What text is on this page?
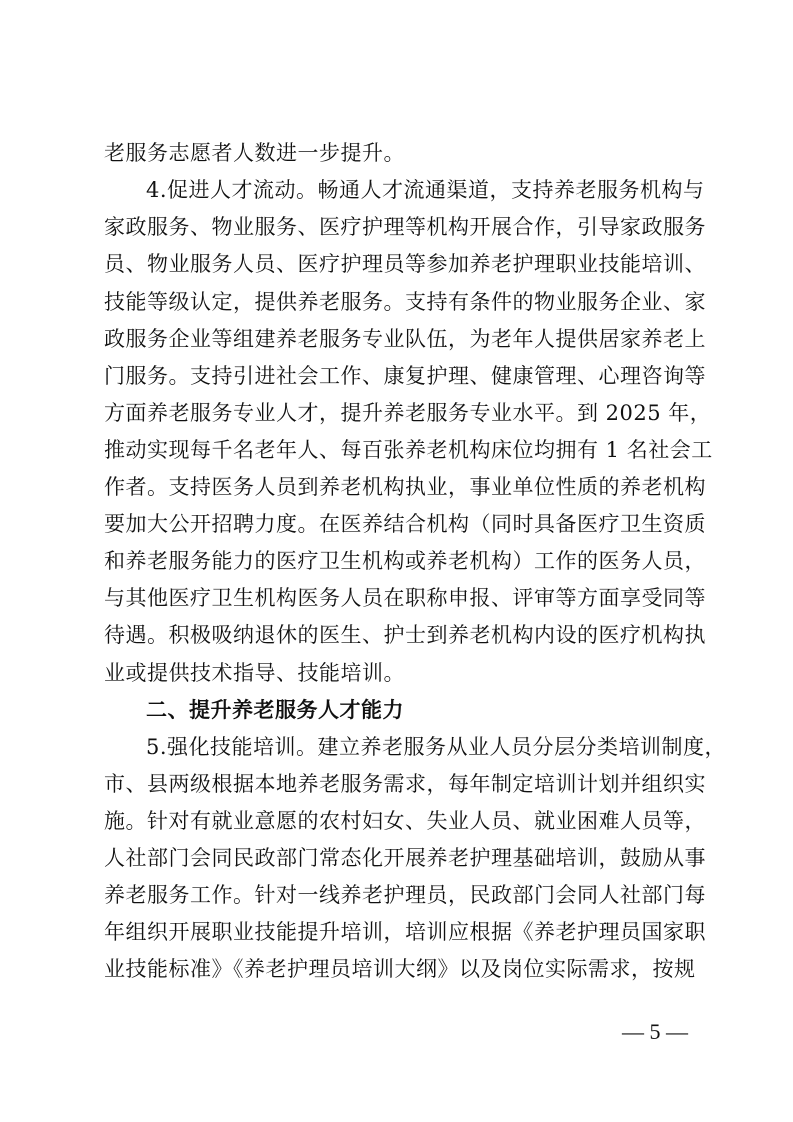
老服务志愿者人数进一步提升。
4.促进人才流动。畅通人才流通渠道，支持养老服务机构与
家政服务、物业服务、医疗护理等机构开展合作，引导家政服务
员、物业服务人员、医疗护理员等参加养老护理职业技能培训、
技能等级认定，提供养老服务。支持有条件的物业服务企业、家
政服务企业等组建养老服务专业队伍，为老年人提供居家养老上
门服务。支持引进社会工作、康复护理、健康管理、心理咨询等
方面养老服务专业人才，提升养老服务专业水平。到 2025 年，
推动实现每千名老年人、每百张养老机构床位均拥有 1 名社会工
作者。支持医务人员到养老机构执业，事业单位性质的养老机构
要加大公开招聘力度。在医养结合机构（同时具备医疗卫生资质
和养老服务能力的医疗卫生机构或养老机构）工作的医务人员，
与其他医疗卫生机构医务人员在职称申报、评审等方面享受同等
待遇。积极吸纳退休的医生、护士到养老机构内设的医疗机构执
业或提供技术指导、技能培训。
二、提升养老服务人才能力
5.强化技能培训。建立养老服务从业人员分层分类培训制度，
市、县两级根据本地养老服务需求，每年制定培训计划并组织实
施。针对有就业意愿的农村妇女、失业人员、就业困难人员等，
人社部门会同民政部门常态化开展养老护理基础培训，鼓励从事
养老服务工作。针对一线养老护理员，民政部门会同人社部门每
年组织开展职业技能提升培训，培训应根据《养老护理员国家职
业技能标准》《养老护理员培训大纲》以及岗位实际需求，按规
— 5 —
